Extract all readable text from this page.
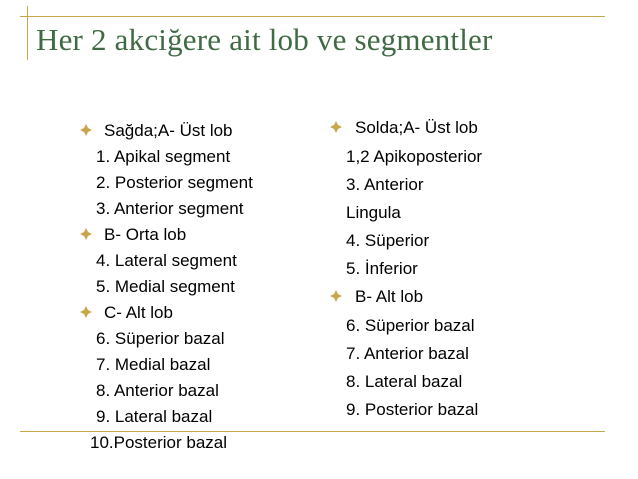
Her 2 akciğere ait lob ve segmentler
Sağda;A- Üst lob
1. Apikal segment
2. Posterior segment
3. Anterior segment
B- Orta lob
4. Lateral segment
5. Medial segment
C- Alt lob
6. Süperior bazal
7. Medial bazal
8. Anterior bazal
9. Lateral bazal
10.Posterior bazal
Solda;A- Üst lob
1,2 Apikoposterior
3. Anterior
Lingula
4. Süperior
5. İnferior
B- Alt lob
6. Süperior bazal
7. Anterior bazal
8. Lateral bazal
9. Posterior bazal
